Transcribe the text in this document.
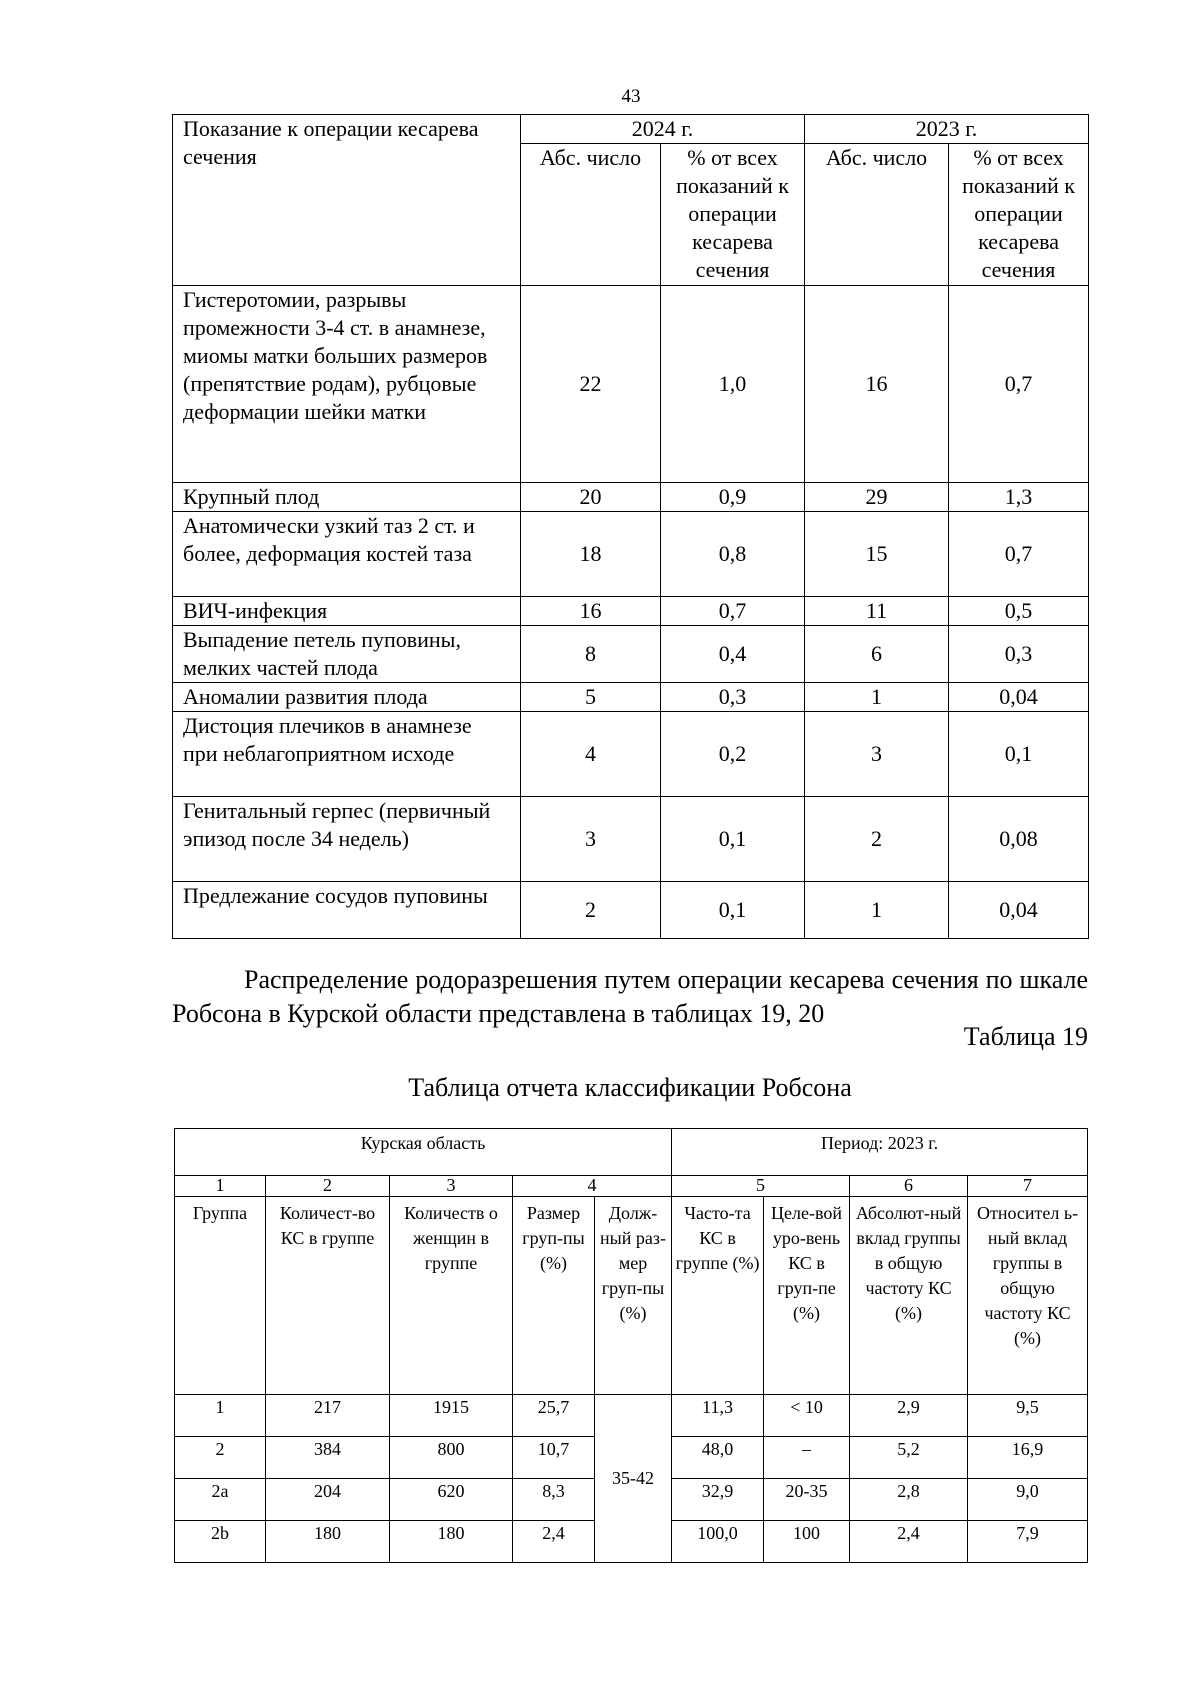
43
Показание к операции кесарева сечения	2024 г.		2023 г.	
	Абс. число	% от всех показаний к операции кесарева сечения	Абс. число	% от всех показаний к операции кесарева сечения
Гистеротомии, разрывы промежности 3-4 ст. в анамнезе, миомы матки больших размеров (препятствие родам), рубцовые деформации шейки матки	22	1,0	16	0,7
Крупный плод	20	0,9	29	1,3
Анатомически узкий таз 2 ст. и более, деформация костей таза	18	0,8	15	0,7
ВИЧ-инфекция	16	0,7	11	0,5
Выпадение петель пуповины, мелких частей плода	8	0,4	6	0,3
Аномалии развития плода	5	0,3	1	0,04
Дистоция плечиков в анамнезе при неблагоприятном исходе	4	0,2	3	0,1
Генитальный герпес (первичный эпизод после 34 недель)	3	0,1	2	0,08
Предлежание сосудов пуповины	2	0,1	1	0,04

Распределение родоразрешения путем операции кесарева сечения по шкале Робсона в Курской области представлена в таблицах 19, 20

Таблица 19
Таблица отчета классификации Робсона
Курская область					Период: 2023 г.			
1	2	3	4		5		6	7
Группа	Количест-во КС в группе	Количеств о женщин в группе	Размер груп-пы (%)	Долж-ный раз-мер груп-пы (%)	Часто-та КС в группе (%)	Целе-вой уро-вень КС в груп-пе (%)	Абсолют-ный вклад группы в общую частоту КС (%)	Относител ь-ный вклад группы в общую частоту КС (%)
1	217	1915	25,7	35-42	11,3	< 10	2,9	9,5
2	384	800	10,7		48,0	–	5,2	16,9
2a	204	620	8,3		32,9	20-35	2,8	9,0
2b	180	180	2,4		100,0	100	2,4	7,9
